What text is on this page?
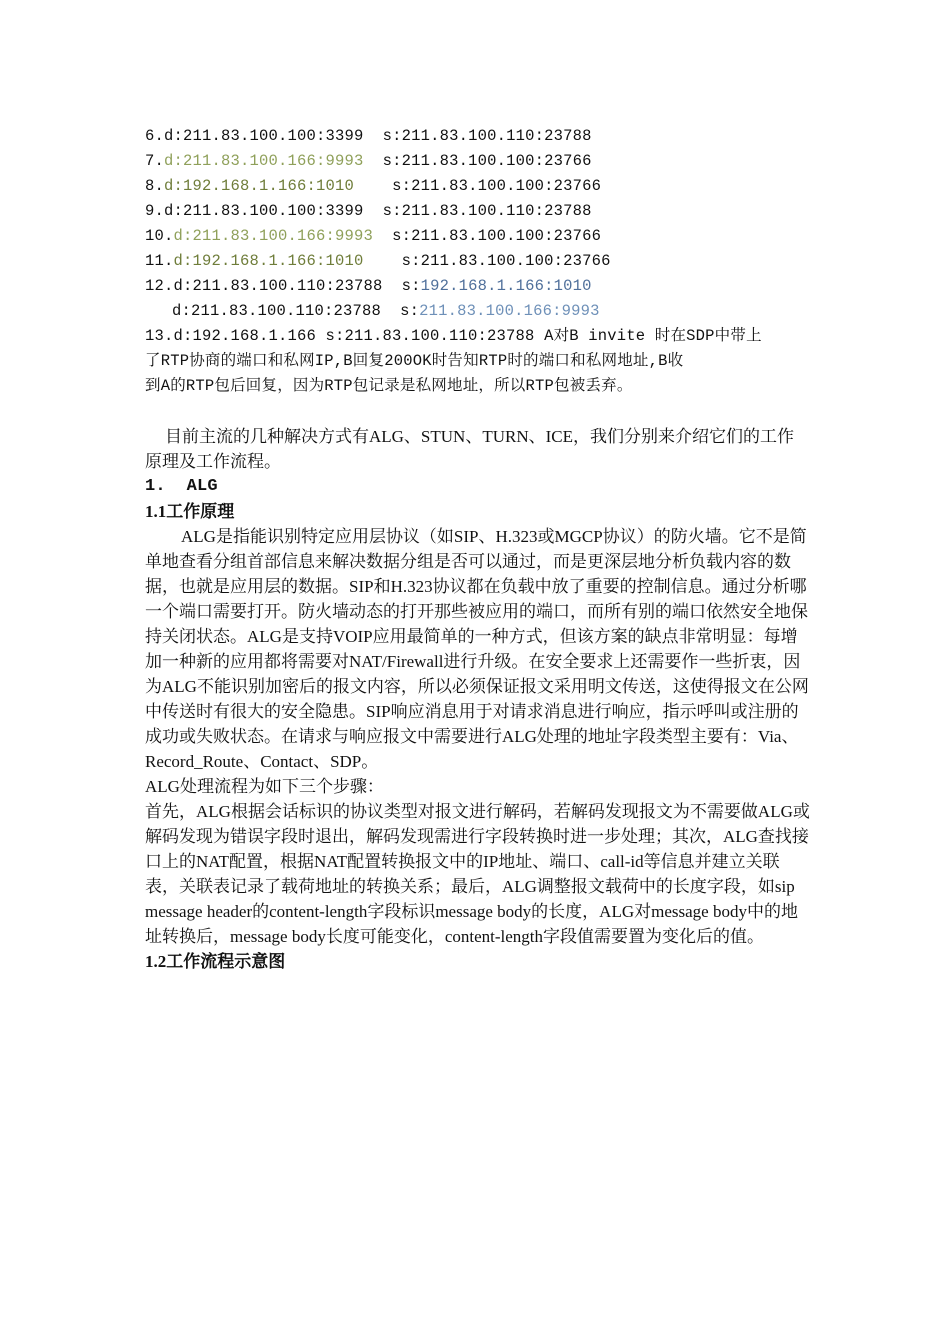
6.d:211.83.100.100:3399 s:211.83.100.110:23788
7.d:211.83.100.166:9993 s:211.83.100.100:23766
8.d:192.168.1.166:1010 s:211.83.100.100:23766
9.d:211.83.100.100:3399 s:211.83.100.110:23788
10.d:211.83.100.166:9993 s:211.83.100.100:23766
11.d:192.168.1.166:1010 s:211.83.100.100:23766
12.d:211.83.100.110:23788 s:192.168.1.166:1010
d:211.83.100.110:23788 s:211.83.100.166:9993
13.d:192.168.1.166 s:211.83.100.110:23788 A对B invite 时在SDP中带上
了RTP协商的端口和私网IP,B回复200OK时告知RTP时的端口和私网地址,B收
到A的RTP包后回复，因为RTP包记录是私网地址，所以RTP包被丢弃。

目前主流的几种解决方式有ALG、STUN、TURN、ICE，我们分别来介绍它们的工作原理及工作流程。

1.  ALG

1.1工作原理

ALG是指能识别特定应用层协议（如SIP、H.323或MGCP协议）的防火墙。它不是简单地查看分组首部信息来解决数据分组是否可以通过，而是更深层地分析负载内容的数据，也就是应用层的数据。SIP和H.323协议都在负载中放了重要的控制信息。通过分析哪一个端口需要打开。防火墙动态的打开那些被应用的端口，而所有别的端口依然安全地保持关闭状态。ALG是支持VOIP应用最简单的一种方式，但该方案的缺点非常明显：每增加一种新的应用都将需要对NAT/Firewall进行升级。在安全要求上还需要作一些折衷，因为ALG不能识别加密后的报文内容，所以必须保证报文采用明文传送，这使得报文在公网中传送时有很大的安全隐患。SIP响应消息用于对请求消息进行响应，指示呼叫或注册的成功或失败状态。在请求与响应报文中需要进行ALG处理的地址字段类型主要有：Via、Record_Route、Contact、SDP。

ALG处理流程为如下三个步骤：

首先，ALG根据会话标识的协议类型对报文进行解码，若解码发现报文为不需要做ALG或解码发现为错误字段时退出，解码发现需进行字段转换时进一步处理；其次，ALG查找接口上的NAT配置，根据NAT配置转换报文中的IP地址、端口、call-id等信息并建立关联表，关联表记录了载荷地址的转换关系；最后，ALG调整报文载荷中的长度字段，如sip message header的content-length字段标识message body的长度，ALG对message body中的地址转换后，message body长度可能变化，content-length字段值需要置为变化后的值。

1.2工作流程示意图
